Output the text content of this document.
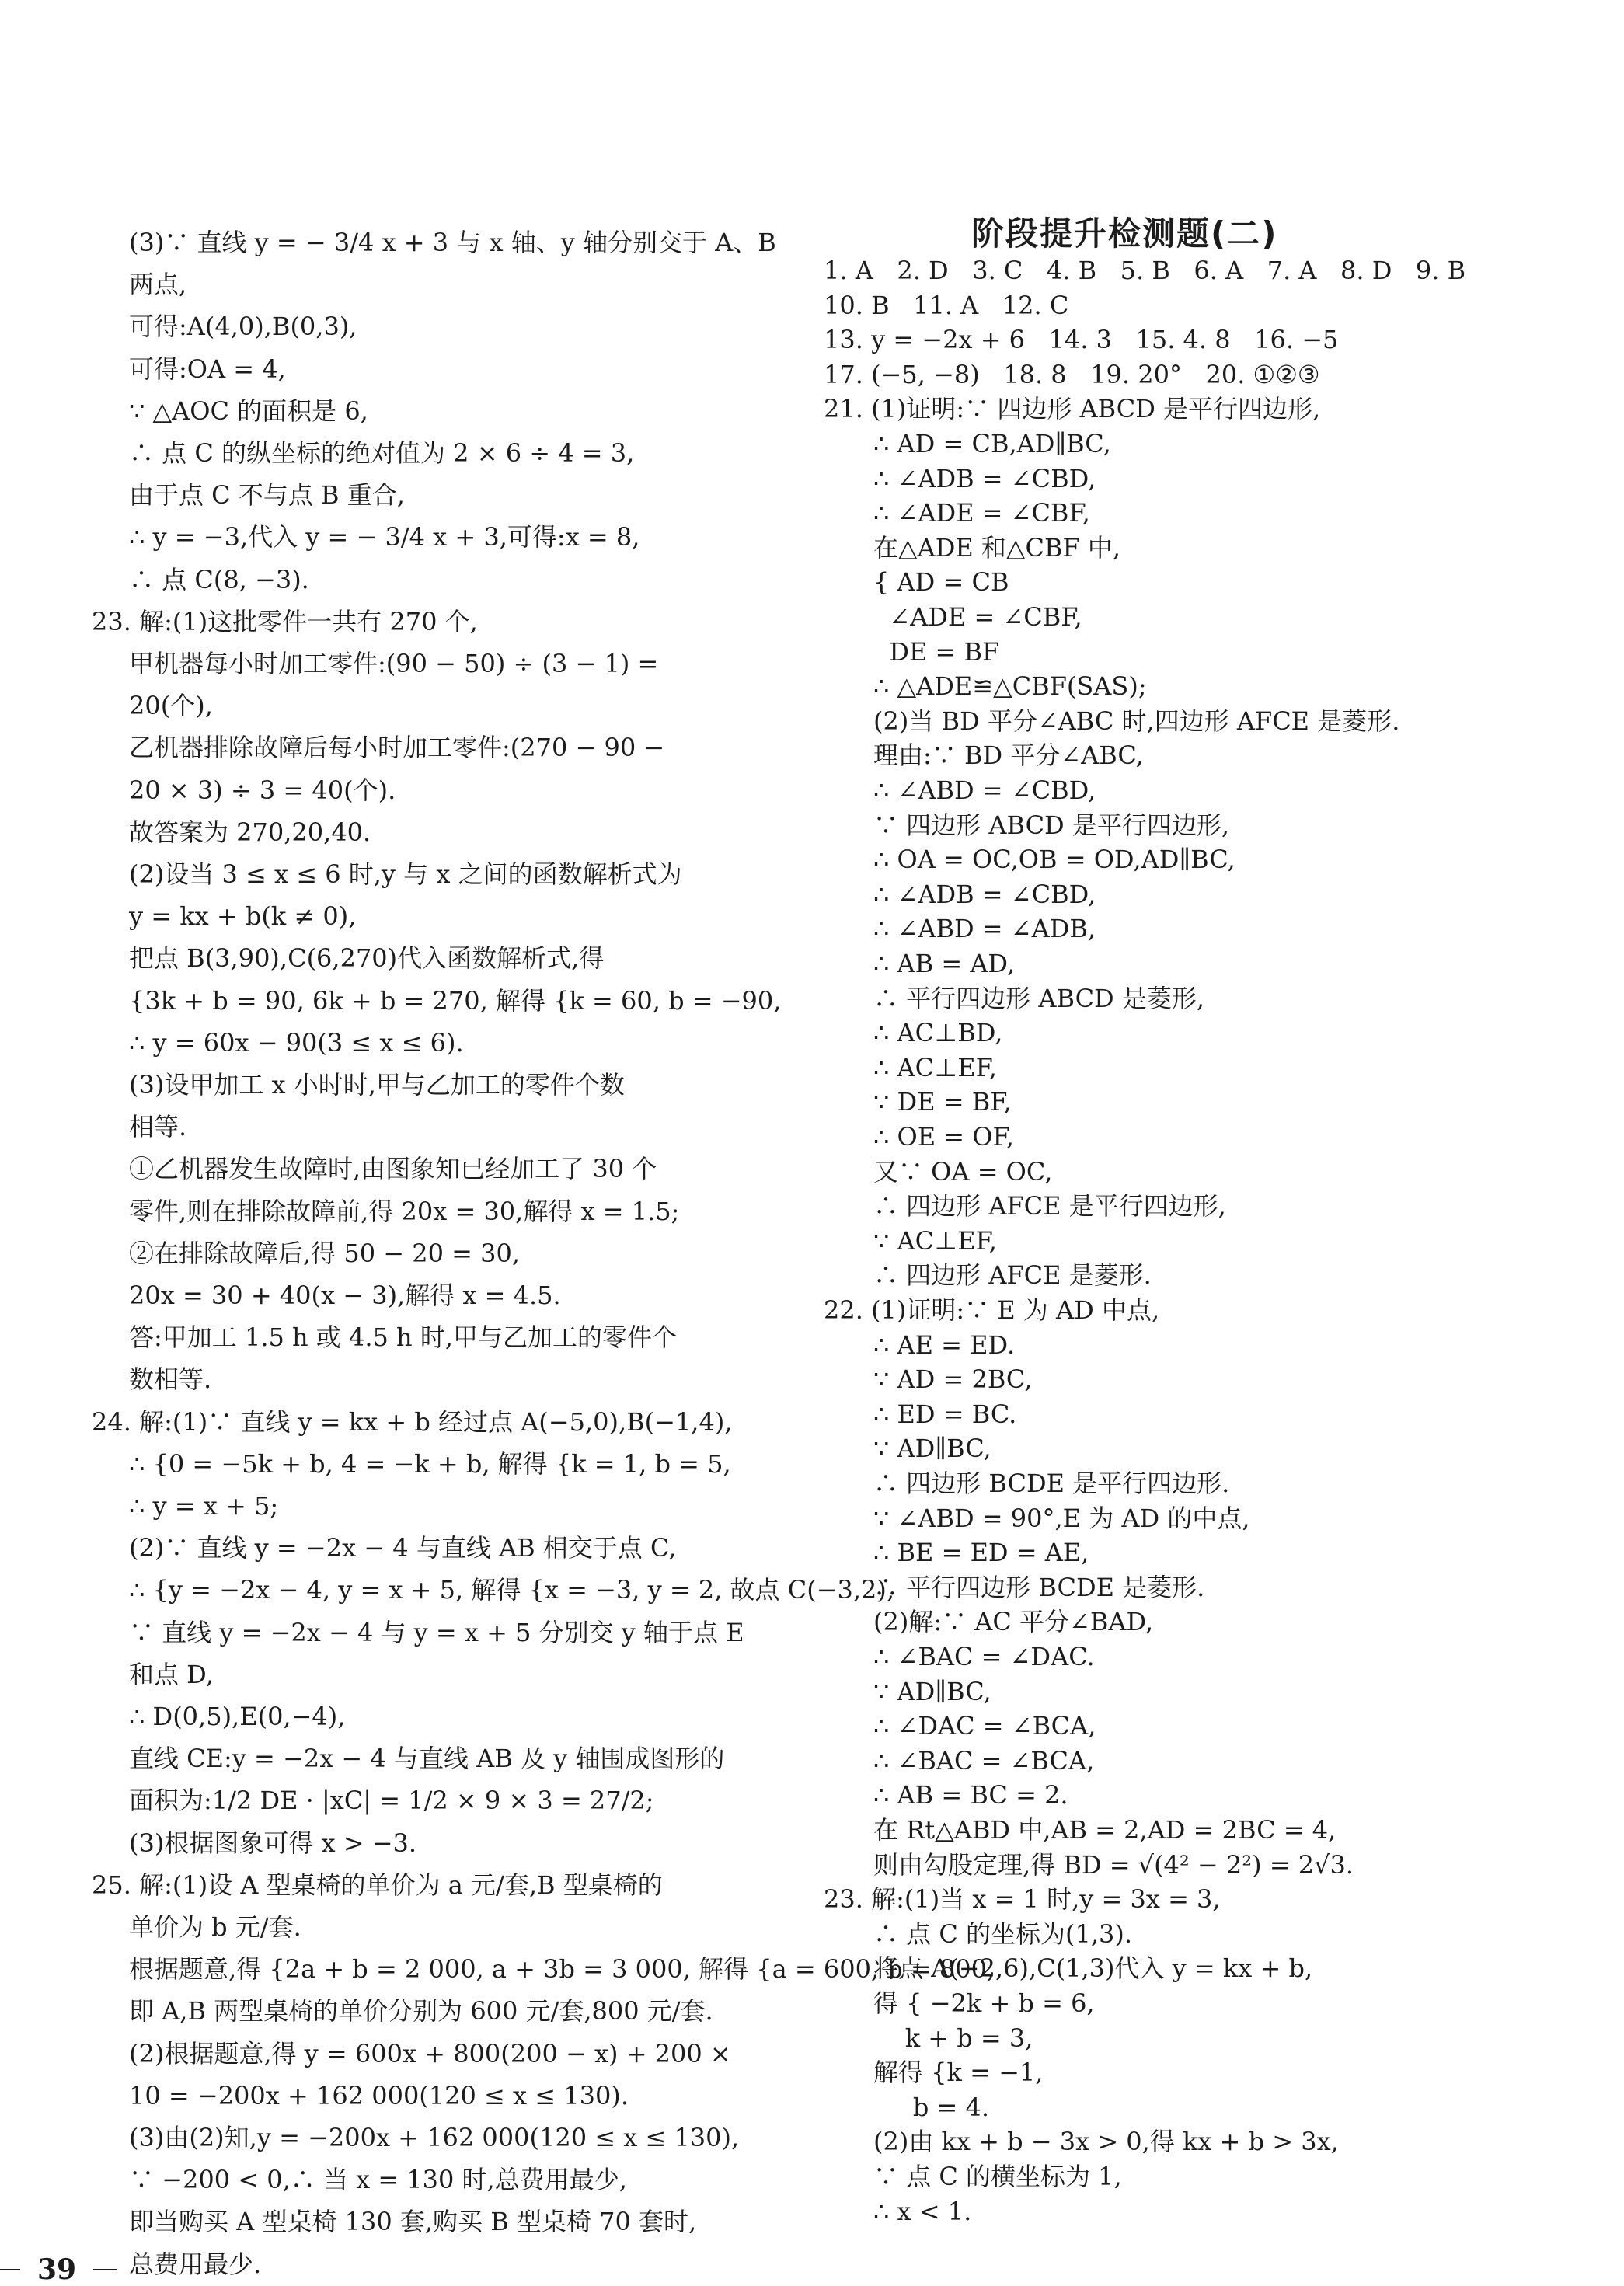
(3)∵ 直线 y = − 3/4 x + 3 与 x 轴、y 轴分别交于 A、B
两点,
可得:A(4,0),B(0,3),
可得:OA = 4,
∵ △AOC 的面积是 6,
∴ 点 C 的纵坐标的绝对值为 2 × 6 ÷ 4 = 3,
由于点 C 不与点 B 重合,
∴ y = −3,代入 y = − 3/4 x + 3,可得:x = 8,
∴ 点 C(8, −3).
23. 解:(1)这批零件一共有 270 个,
甲机器每小时加工零件:(90 − 50) ÷ (3 − 1) =
20(个),
乙机器排除故障后每小时加工零件:(270 − 90 −
20 × 3) ÷ 3 = 40(个).
故答案为 270,20,40.
(2)设当 3 ≤ x ≤ 6 时,y 与 x 之间的函数解析式为
y = kx + b(k ≠ 0),
把点 B(3,90),C(6,270)代入函数解析式,得
{3k + b = 90, 6k + b = 270, 解得 {k = 60, b = −90,
∴ y = 60x − 90(3 ≤ x ≤ 6).
(3)设甲加工 x 小时时,甲与乙加工的零件个数
相等.
①乙机器发生故障时,由图象知已经加工了 30 个
零件,则在排除故障前,得 20x = 30,解得 x = 1.5;
②在排除故障后,得 50 − 20 = 30,
20x = 30 + 40(x − 3),解得 x = 4.5.
答:甲加工 1.5 h 或 4.5 h 时,甲与乙加工的零件个
数相等.
24. 解:(1)∵ 直线 y = kx + b 经过点 A(−5,0),B(−1,4),
∴ {0 = −5k + b, 4 = −k + b, 解得 {k = 1, b = 5,
∴ y = x + 5;
(2)∵ 直线 y = −2x − 4 与直线 AB 相交于点 C,
∴ {y = −2x − 4, y = x + 5, 解得 {x = −3, y = 2, 故点 C(−3,2),
∵ 直线 y = −2x − 4 与 y = x + 5 分别交 y 轴于点 E
和点 D,
∴ D(0,5),E(0,−4),
直线 CE:y = −2x − 4 与直线 AB 及 y 轴围成图形的
面积为:1/2 DE · |xC| = 1/2 × 9 × 3 = 27/2;
(3)根据图象可得 x > −3.
25. 解:(1)设 A 型桌椅的单价为 a 元/套,B 型桌椅的
单价为 b 元/套.
根据题意,得 {2a + b = 2 000, a + 3b = 3 000, 解得 {a = 600, b = 800,
即 A,B 两型桌椅的单价分别为 600 元/套,800 元/套.
(2)根据题意,得 y = 600x + 800(200 − x) + 200 ×
10 = −200x + 162 000(120 ≤ x ≤ 130).
(3)由(2)知,y = −200x + 162 000(120 ≤ x ≤ 130),
∵ −200 < 0,∴ 当 x = 130 时,总费用最少,
即当购买 A 型桌椅 130 套,购买 B 型桌椅 70 套时,
总费用最少.
阶段提升检测题(二)
1. A   2. D   3. C   4. B   5. B   6. A   7. A   8. D   9. B
10. B   11. A   12. C
13. y = −2x + 6   14. 3   15. 4. 8   16. −5
17. (−5, −8)   18. 8   19. 20°   20. ①②③
21. (1)证明:∵ 四边形 ABCD 是平行四边形,
∴ AD = CB,AD∥BC,
∴ ∠ADB = ∠CBD,
∴ ∠ADE = ∠CBF,
在△ADE 和△CBF 中,
{ AD = CB
∠ADE = ∠CBF,
DE = BF
∴ △ADE≌△CBF(SAS);
(2)当 BD 平分∠ABC 时,四边形 AFCE 是菱形.
理由:∵ BD 平分∠ABC,
∴ ∠ABD = ∠CBD,
∵ 四边形 ABCD 是平行四边形,
∴ OA = OC,OB = OD,AD∥BC,
∴ ∠ADB = ∠CBD,
∴ ∠ABD = ∠ADB,
∴ AB = AD,
∴ 平行四边形 ABCD 是菱形,
∴ AC⊥BD,
∴ AC⊥EF,
∵ DE = BF,
∴ OE = OF,
又∵ OA = OC,
∴ 四边形 AFCE 是平行四边形,
∵ AC⊥EF,
∴ 四边形 AFCE 是菱形.
22. (1)证明:∵ E 为 AD 中点,
∴ AE = ED.
∵ AD = 2BC,
∴ ED = BC.
∵ AD∥BC,
∴ 四边形 BCDE 是平行四边形.
∵ ∠ABD = 90°,E 为 AD 的中点,
∴ BE = ED = AE,
∴ 平行四边形 BCDE 是菱形.
(2)解:∵ AC 平分∠BAD,
∴ ∠BAC = ∠DAC.
∵ AD∥BC,
∴ ∠DAC = ∠BCA,
∴ ∠BAC = ∠BCA,
∴ AB = BC = 2.
在 Rt△ABD 中,AB = 2,AD = 2BC = 4,
则由勾股定理,得 BD = √(4² − 2²) = 2√3.
23. 解:(1)当 x = 1 时,y = 3x = 3,
∴ 点 C 的坐标为(1,3).
将点 A(−2,6),C(1,3)代入 y = kx + b,
得 { −2k + b = 6,
k + b = 3,
解得 {k = −1,
b = 4.
(2)由 kx + b − 3x > 0,得 kx + b > 3x,
∵ 点 C 的横坐标为 1,
∴ x < 1.
39
